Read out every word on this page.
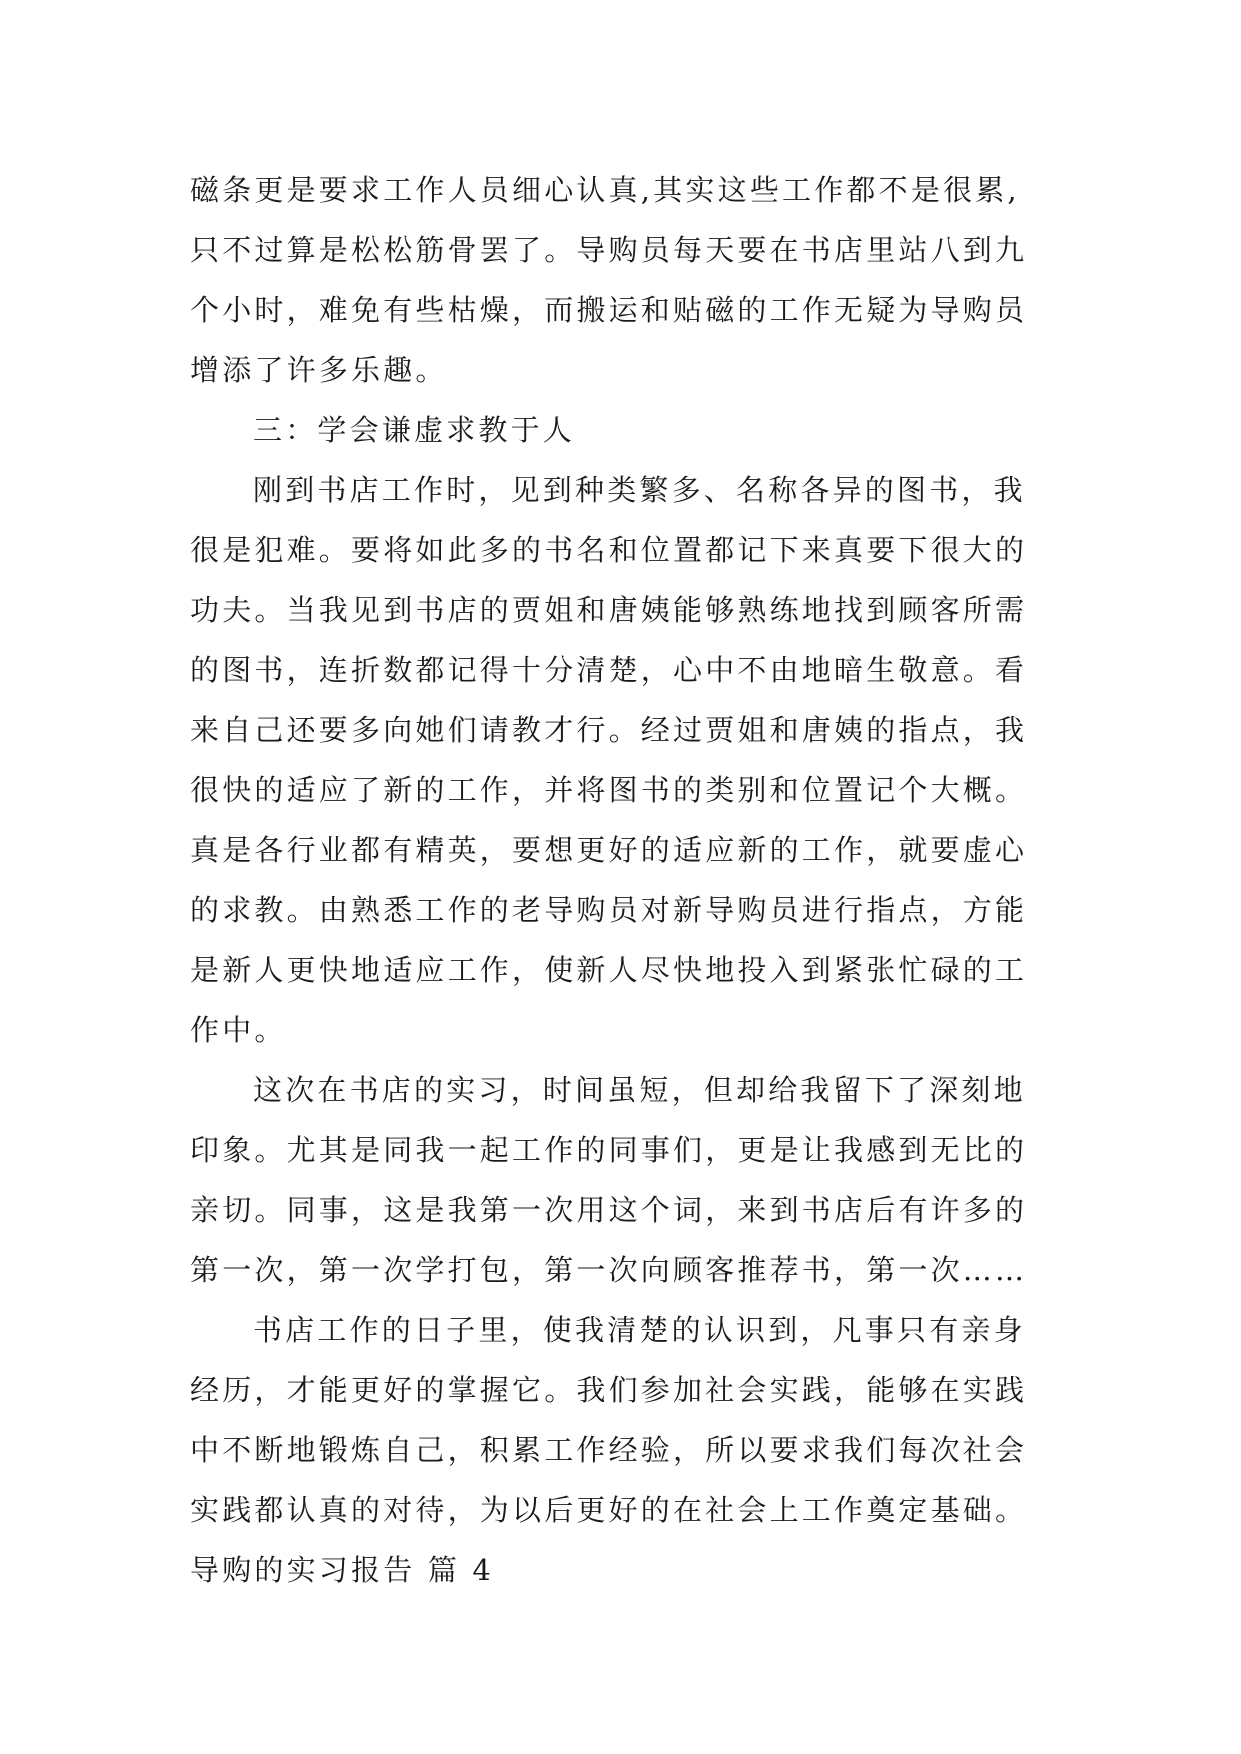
磁条更是要求工作人员细心认真,其实这些工作都不是很累,
只不过算是松松筋骨罢了。导购员每天要在书店里站八到九
个小时，难免有些枯燥，而搬运和贴磁的工作无疑为导购员
增添了许多乐趣。
三：学会谦虚求教于人
刚到书店工作时，见到种类繁多、名称各异的图书，我
很是犯难。要将如此多的书名和位置都记下来真要下很大的
功夫。当我见到书店的贾姐和唐姨能够熟练地找到顾客所需
的图书，连折数都记得十分清楚，心中不由地暗生敬意。看
来自己还要多向她们请教才行。经过贾姐和唐姨的指点，我
很快的适应了新的工作，并将图书的类别和位置记个大概。
真是各行业都有精英，要想更好的适应新的工作，就要虚心
的求教。由熟悉工作的老导购员对新导购员进行指点，方能
是新人更快地适应工作，使新人尽快地投入到紧张忙碌的工
作中。
这次在书店的实习，时间虽短，但却给我留下了深刻地
印象。尤其是同我一起工作的同事们，更是让我感到无比的
亲切。同事，这是我第一次用这个词，来到书店后有许多的
第一次，第一次学打包，第一次向顾客推荐书，第一次……
书店工作的日子里，使我清楚的认识到，凡事只有亲身
经历，才能更好的掌握它。我们参加社会实践，能够在实践
中不断地锻炼自己，积累工作经验，所以要求我们每次社会
实践都认真的对待，为以后更好的在社会上工作奠定基础。
导购的实习报告 篇 4
